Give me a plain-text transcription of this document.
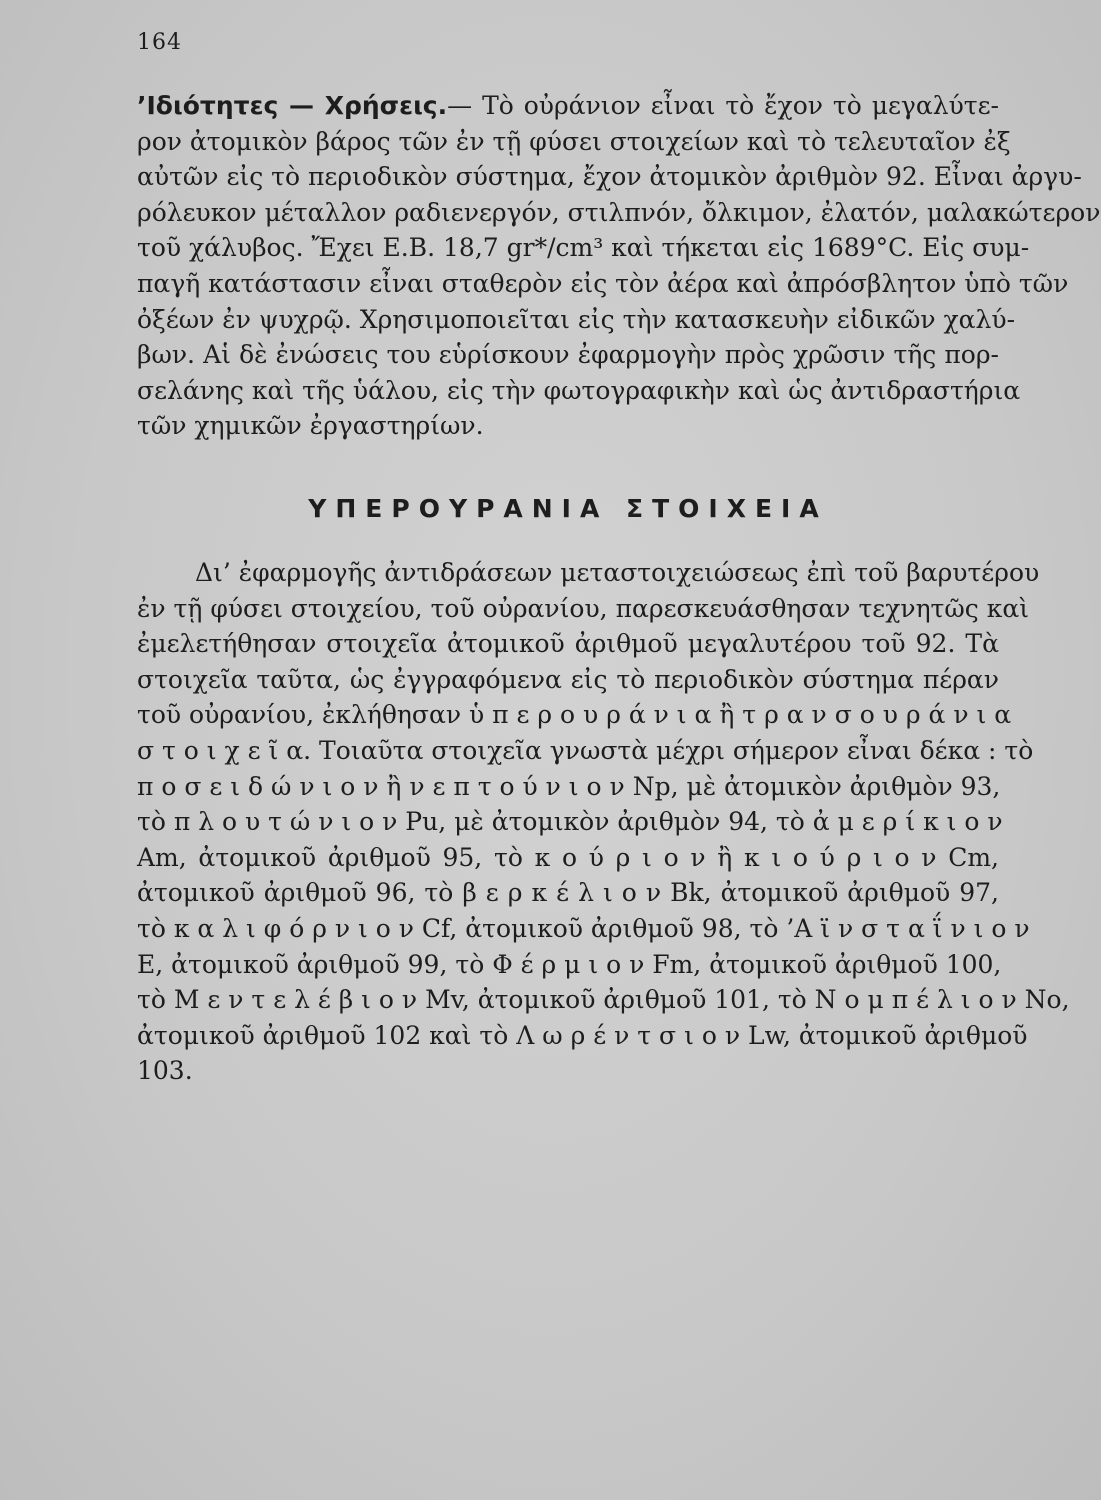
164
’Ιδιότητες — Χρήσεις.— Τὸ οὐράνιον εἶναι τὸ ἔχον τὸ μεγαλύτε-
ρον ἀτομικὸν βάρος τῶν ἐν τῇ φύσει στοιχείων καὶ τὸ τελευταῖον ἐξ
αὐτῶν εἰς τὸ περιοδικὸν σύστημα, ἔχον ἀτομικὸν ἀριθμὸν 92. Εἶναι ἀργυ-
ρόλευκον μέταλλον ραδιενεργόν, στιλπνόν, ὄλκιμον, ἐλατόν, μαλακώτερον
τοῦ χάλυβος. Ἔχει Ε.Β. 18,7 gr*/cm³ καὶ τήκεται εἰς 1689°C. Εἰς συμ-
παγῆ κατάστασιν εἶναι σταθερὸν εἰς τὸν ἀέρα καὶ ἀπρόσβλητον ὑπὸ τῶν
ὀξέων ἐν ψυχρῷ. Χρησιμοποιεῖται εἰς τὴν κατασκευὴν εἰδικῶν χαλύ-
βων. Αἱ δὲ ἐνώσεις του εὑρίσκουν ἐφαρμογὴν πρὸς χρῶσιν τῆς πορ-
σελάνης καὶ τῆς ὑάλου, εἰς τὴν φωτογραφικὴν καὶ ὡς ἀντιδραστήρια
τῶν χημικῶν ἐργαστηρίων.
ΥΠΕΡΟΥΡΑΝΙΑ ΣΤΟΙΧΕΙΑ
Δι’ ἐφαρμογῆς ἀντιδράσεων μεταστοιχειώσεως ἐπὶ τοῦ βαρυτέρου
ἐν τῇ φύσει στοιχείου, τοῦ οὐρανίου, παρεσκευάσθησαν τεχνητῶς καὶ
ἐμελετήθησαν στοιχεῖα ἀτομικοῦ ἀριθμοῦ μεγαλυτέρου τοῦ 92. Τὰ
στοιχεῖα ταῦτα, ὡς ἐγγραφόμενα εἰς τὸ περιοδικὸν σύστημα πέραν
τοῦ οὐρανίου, ἐκλήθησαν ὑ π ε ρ ο υ ρ ά ν ι α ἢ τ ρ α ν σ ο υ ρ ά ν ι α
σ τ ο ι χ ε ῖ α. Τοιαῦτα στοιχεῖα γνωστὰ μέχρι σήμερον εἶναι δέκα : τὸ
π ο σ ε ι δ ώ ν ι ο ν ἢ ν ε π τ ο ύ ν ι ο ν Np, μὲ ἀτομικὸν ἀριθμὸν 93,
τὸ π λ ο υ τ ώ ν ι ο ν Pu, μὲ ἀτομικὸν ἀριθμὸν 94, τὸ ἀ μ ε ρ ί κ ι ο ν
Am, ἀτομικοῦ ἀριθμοῦ 95, τὸ κ ο ύ ρ ι ο ν ἢ κ ι ο ύ ρ ι ο ν Cm,
ἀτομικοῦ ἀριθμοῦ 96, τὸ β ε ρ κ έ λ ι ο ν Bk, ἀτομικοῦ ἀριθμοῦ 97,
τὸ κ α λ ι φ ό ρ ν ι ο ν Cf, ἀτομικοῦ ἀριθμοῦ 98, τὸ ’Α ϊ ν σ τ α ΐ ν ι ο ν
Ε, ἀτομικοῦ ἀριθμοῦ 99, τὸ Φ έ ρ μ ι ο ν Fm, ἀτομικοῦ ἀριθμοῦ 100,
τὸ Μ ε ν τ ε λ έ β ι ο ν Mv, ἀτομικοῦ ἀριθμοῦ 101, τὸ Ν ο μ π έ λ ι ο ν No,
ἀτομικοῦ ἀριθμοῦ 102 καὶ τὸ Λ ω ρ έ ν τ σ ι ο ν Lw, ἀτομικοῦ ἀριθμοῦ
103.
